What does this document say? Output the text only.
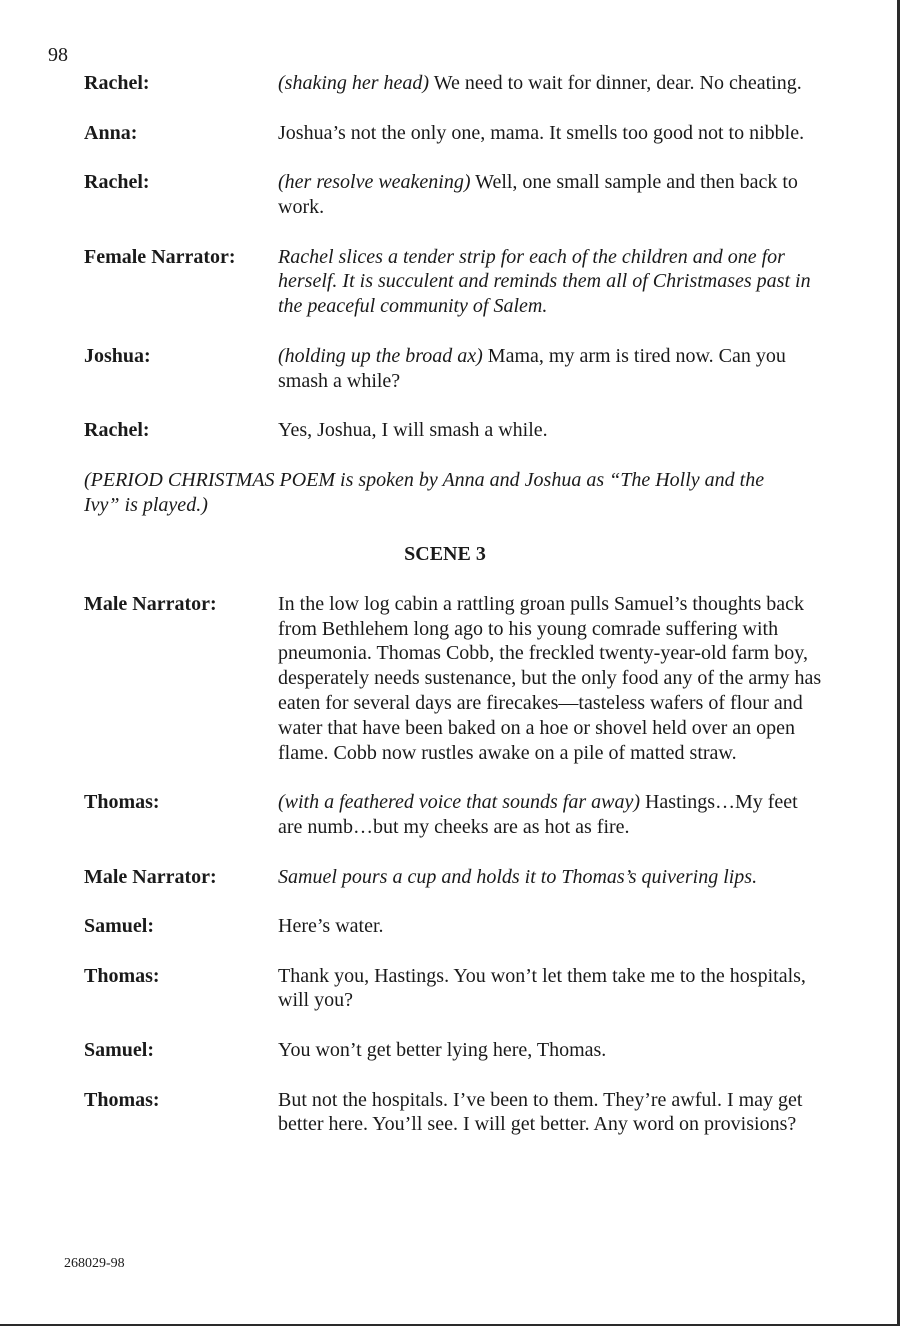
98
Rachel:	(shaking her head) We need to wait for dinner, dear. No cheating.
Anna:	Joshua’s not the only one, mama. It smells too good not to nibble.
Rachel:	(her resolve weakening) Well, one small sample and then back to work.
Female Narrator:	Rachel slices a tender strip for each of the children and one for herself. It is succulent and reminds them all of Christmases past in the peaceful community of Salem.
Joshua:	(holding up the broad ax) Mama, my arm is tired now. Can you smash a while?
Rachel:	Yes, Joshua, I will smash a while.
(PERIOD CHRISTMAS POEM is spoken by Anna and Joshua as “The Holly and the Ivy” is played.)
SCENE 3
Male Narrator:	In the low log cabin a rattling groan pulls Samuel’s thoughts back from Bethlehem long ago to his young comrade suffering with pneumonia. Thomas Cobb, the freckled twenty-year-old farm boy, desperately needs sustenance, but the only food any of the army has eaten for several days are firecakes—tasteless wafers of flour and water that have been baked on a hoe or shovel held over an open flame. Cobb now rustles awake on a pile of matted straw.
Thomas:	(with a feathered voice that sounds far away) Hastings…My feet are numb…but my cheeks are as hot as fire.
Male Narrator:	Samuel pours a cup and holds it to Thomas’s quivering lips.
Samuel:	Here’s water.
Thomas:	Thank you, Hastings. You won’t let them take me to the hospitals, will you?
Samuel:	You won’t get better lying here, Thomas.
Thomas:	But not the hospitals. I’ve been to them. They’re awful. I may get better here. You’ll see. I will get better. Any word on provisions?
268029-98
